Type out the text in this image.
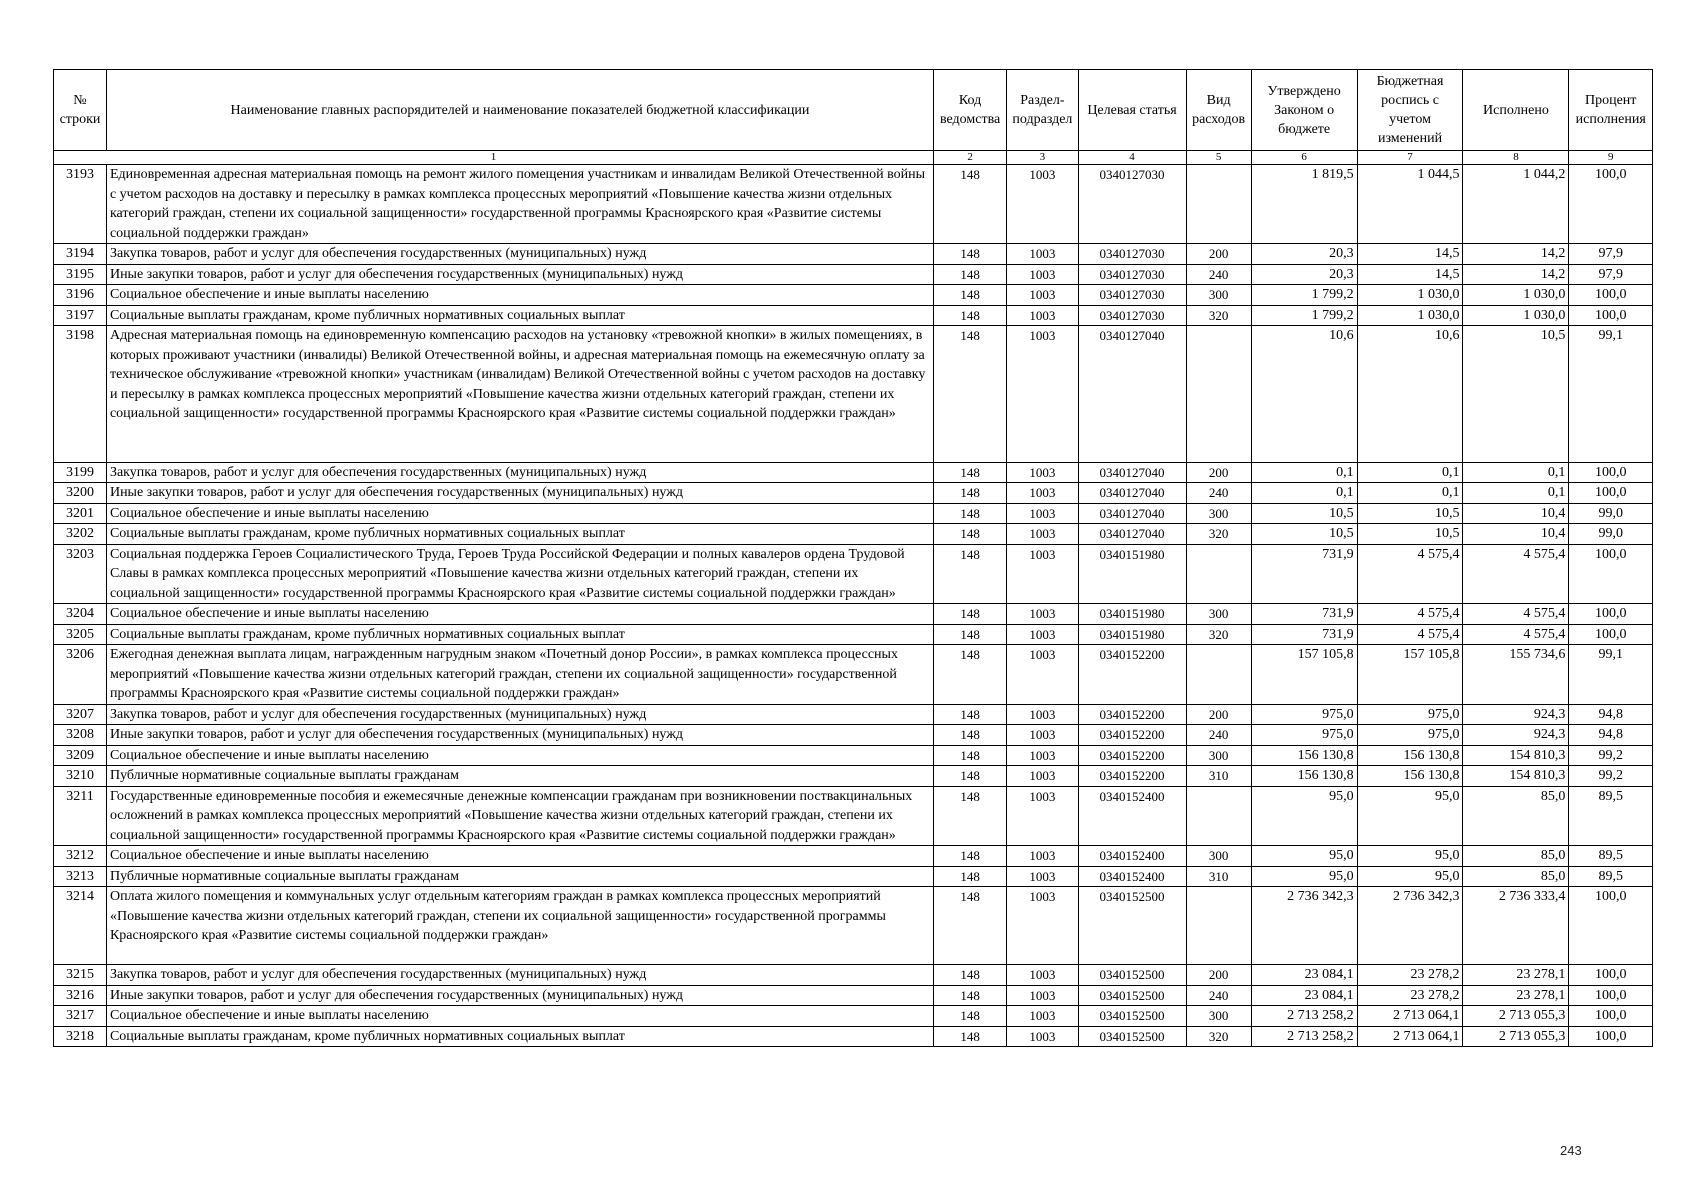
№ строки	Наименование главных распорядителей и наименование показателей бюджетной классификации	Код ведомства	Раздел-подраздел	Целевая статья	Вид расходов	Утверждено Законом о бюджете	Бюджетная роспись с учетом изменений	Исполнено	Процент исполнения
1		2	3	4	5	6	7	8	9
3193	Единовременная адресная материальная помощь на ремонт жилого помещения участникам и инвалидам Великой Отечественной войны с учетом расходов на доставку и пересылку в рамках комплекса процессных мероприятий «Повышение качества жизни отдельных категорий граждан, степени их социальной защищенности» государственной программы Красноярского края «Развитие системы социальной поддержки граждан»	148	1003	0340127030		1 819,5	1 044,5	1 044,2	100,0
3194	Закупка товаров, работ и услуг для обеспечения государственных (муниципальных) нужд	148	1003	0340127030	200	20,3	14,5	14,2	97,9
3195	Иные закупки товаров, работ и услуг для обеспечения государственных (муниципальных) нужд	148	1003	0340127030	240	20,3	14,5	14,2	97,9
3196	Социальное обеспечение и иные выплаты населению	148	1003	0340127030	300	1 799,2	1 030,0	1 030,0	100,0
3197	Социальные выплаты гражданам, кроме публичных нормативных социальных выплат	148	1003	0340127030	320	1 799,2	1 030,0	1 030,0	100,0
3198	Адресная материальная помощь на единовременную компенсацию расходов на установку «тревожной кнопки» в жилых помещениях, в которых проживают участники (инвалиды) Великой Отечественной войны, и адресная материальная помощь на ежемесячную оплату за техническое обслуживание «тревожной кнопки» участникам (инвалидам) Великой Отечественной войны с учетом расходов на доставку и пересылку в рамках комплекса процессных мероприятий «Повышение качества жизни отдельных категорий граждан, степени их социальной защищенности» государственной программы Красноярского края «Развитие системы социальной поддержки граждан»	148	1003	0340127040		10,6	10,6	10,5	99,1
3199	Закупка товаров, работ и услуг для обеспечения государственных (муниципальных) нужд	148	1003	0340127040	200	0,1	0,1	0,1	100,0
3200	Иные закупки товаров, работ и услуг для обеспечения государственных (муниципальных) нужд	148	1003	0340127040	240	0,1	0,1	0,1	100,0
3201	Социальное обеспечение и иные выплаты населению	148	1003	0340127040	300	10,5	10,5	10,4	99,0
3202	Социальные выплаты гражданам, кроме публичных нормативных социальных выплат	148	1003	0340127040	320	10,5	10,5	10,4	99,0
3203	Социальная поддержка Героев Социалистического Труда, Героев Труда Российской Федерации и полных кавалеров ордена Трудовой Славы в рамках комплекса процессных мероприятий «Повышение качества жизни отдельных категорий граждан, степени их социальной защищенности» государственной программы Красноярского края «Развитие системы социальной поддержки граждан»	148	1003	0340151980		731,9	4 575,4	4 575,4	100,0
3204	Социальное обеспечение и иные выплаты населению	148	1003	0340151980	300	731,9	4 575,4	4 575,4	100,0
3205	Социальные выплаты гражданам, кроме публичных нормативных социальных выплат	148	1003	0340151980	320	731,9	4 575,4	4 575,4	100,0
3206	Ежегодная денежная выплата лицам, награжденным нагрудным знаком «Почетный донор России», в рамках комплекса процессных мероприятий «Повышение качества жизни отдельных категорий граждан, степени их социальной защищенности» государственной программы Красноярского края «Развитие системы социальной поддержки граждан»	148	1003	0340152200		157 105,8	157 105,8	155 734,6	99,1
3207	Закупка товаров, работ и услуг для обеспечения государственных (муниципальных) нужд	148	1003	0340152200	200	975,0	975,0	924,3	94,8
3208	Иные закупки товаров, работ и услуг для обеспечения государственных (муниципальных) нужд	148	1003	0340152200	240	975,0	975,0	924,3	94,8
3209	Социальное обеспечение и иные выплаты населению	148	1003	0340152200	300	156 130,8	156 130,8	154 810,3	99,2
3210	Публичные нормативные социальные выплаты гражданам	148	1003	0340152200	310	156 130,8	156 130,8	154 810,3	99,2
3211	Государственные единовременные пособия и ежемесячные денежные компенсации гражданам при возникновении поствакцинальных осложнений в рамках комплекса процессных мероприятий «Повышение качества жизни отдельных категорий граждан, степени их социальной защищенности» государственной программы Красноярского края «Развитие системы социальной поддержки граждан»	148	1003	0340152400		95,0	95,0	85,0	89,5
3212	Социальное обеспечение и иные выплаты населению	148	1003	0340152400	300	95,0	95,0	85,0	89,5
3213	Публичные нормативные социальные выплаты гражданам	148	1003	0340152400	310	95,0	95,0	85,0	89,5
3214	Оплата жилого помещения и коммунальных услуг отдельным категориям граждан в рамках комплекса процессных мероприятий «Повышение качества жизни отдельных категорий граждан, степени их социальной защищенности» государственной программы Красноярского края «Развитие системы социальной поддержки граждан»	148	1003	0340152500		2 736 342,3	2 736 342,3	2 736 333,4	100,0
3215	Закупка товаров, работ и услуг для обеспечения государственных (муниципальных) нужд	148	1003	0340152500	200	23 084,1	23 278,2	23 278,1	100,0
3216	Иные закупки товаров, работ и услуг для обеспечения государственных (муниципальных) нужд	148	1003	0340152500	240	23 084,1	23 278,2	23 278,1	100,0
3217	Социальное обеспечение и иные выплаты населению	148	1003	0340152500	300	2 713 258,2	2 713 064,1	2 713 055,3	100,0
3218	Социальные выплаты гражданам, кроме публичных нормативных социальных выплат	148	1003	0340152500	320	2 713 258,2	2 713 064,1	2 713 055,3	100,0
243
